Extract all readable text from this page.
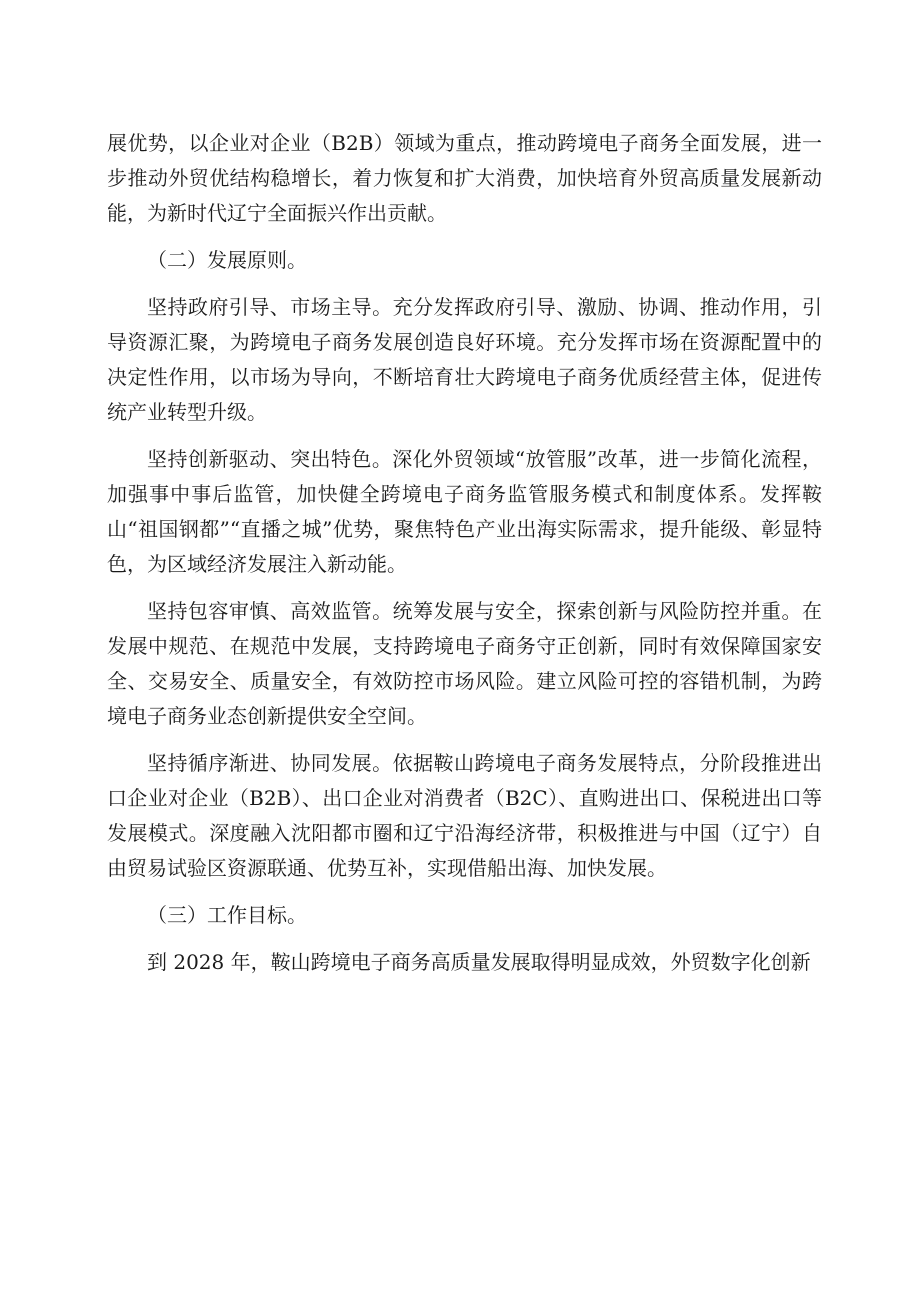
展优势，以企业对企业（B2B）领域为重点，推动跨境电子商务全面发展，进一步推动外贸优结构稳增长，着力恢复和扩大消费，加快培育外贸高质量发展新动能，为新时代辽宁全面振兴作出贡献。

（二）发展原则。

坚持政府引导、市场主导。充分发挥政府引导、激励、协调、推动作用，引导资源汇聚，为跨境电子商务发展创造良好环境。充分发挥市场在资源配置中的决定性作用，以市场为导向，不断培育壮大跨境电子商务优质经营主体，促进传统产业转型升级。

坚持创新驱动、突出特色。深化外贸领域“放管服”改革，进一步简化流程，加强事中事后监管，加快健全跨境电子商务监管服务模式和制度体系。发挥鞍山“祖国钢都”“直播之城”优势，聚焦特色产业出海实际需求，提升能级、彰显特色，为区域经济发展注入新动能。

坚持包容审慎、高效监管。统筹发展与安全，探索创新与风险防控并重。在发展中规范、在规范中发展，支持跨境电子商务守正创新，同时有效保障国家安全、交易安全、质量安全，有效防控市场风险。建立风险可控的容错机制，为跨境电子商务业态创新提供安全空间。

坚持循序渐进、协同发展。依据鞍山跨境电子商务发展特点，分阶段推进出口企业对企业（B2B）、出口企业对消费者（B2C）、直购进出口、保税进出口等发展模式。深度融入沈阳都市圈和辽宁沿海经济带，积极推进与中国（辽宁）自由贸易试验区资源联通、优势互补，实现借船出海、加快发展。

（三）工作目标。

到 2028 年，鞍山跨境电子商务高质量发展取得明显成效，外贸数字化创新
